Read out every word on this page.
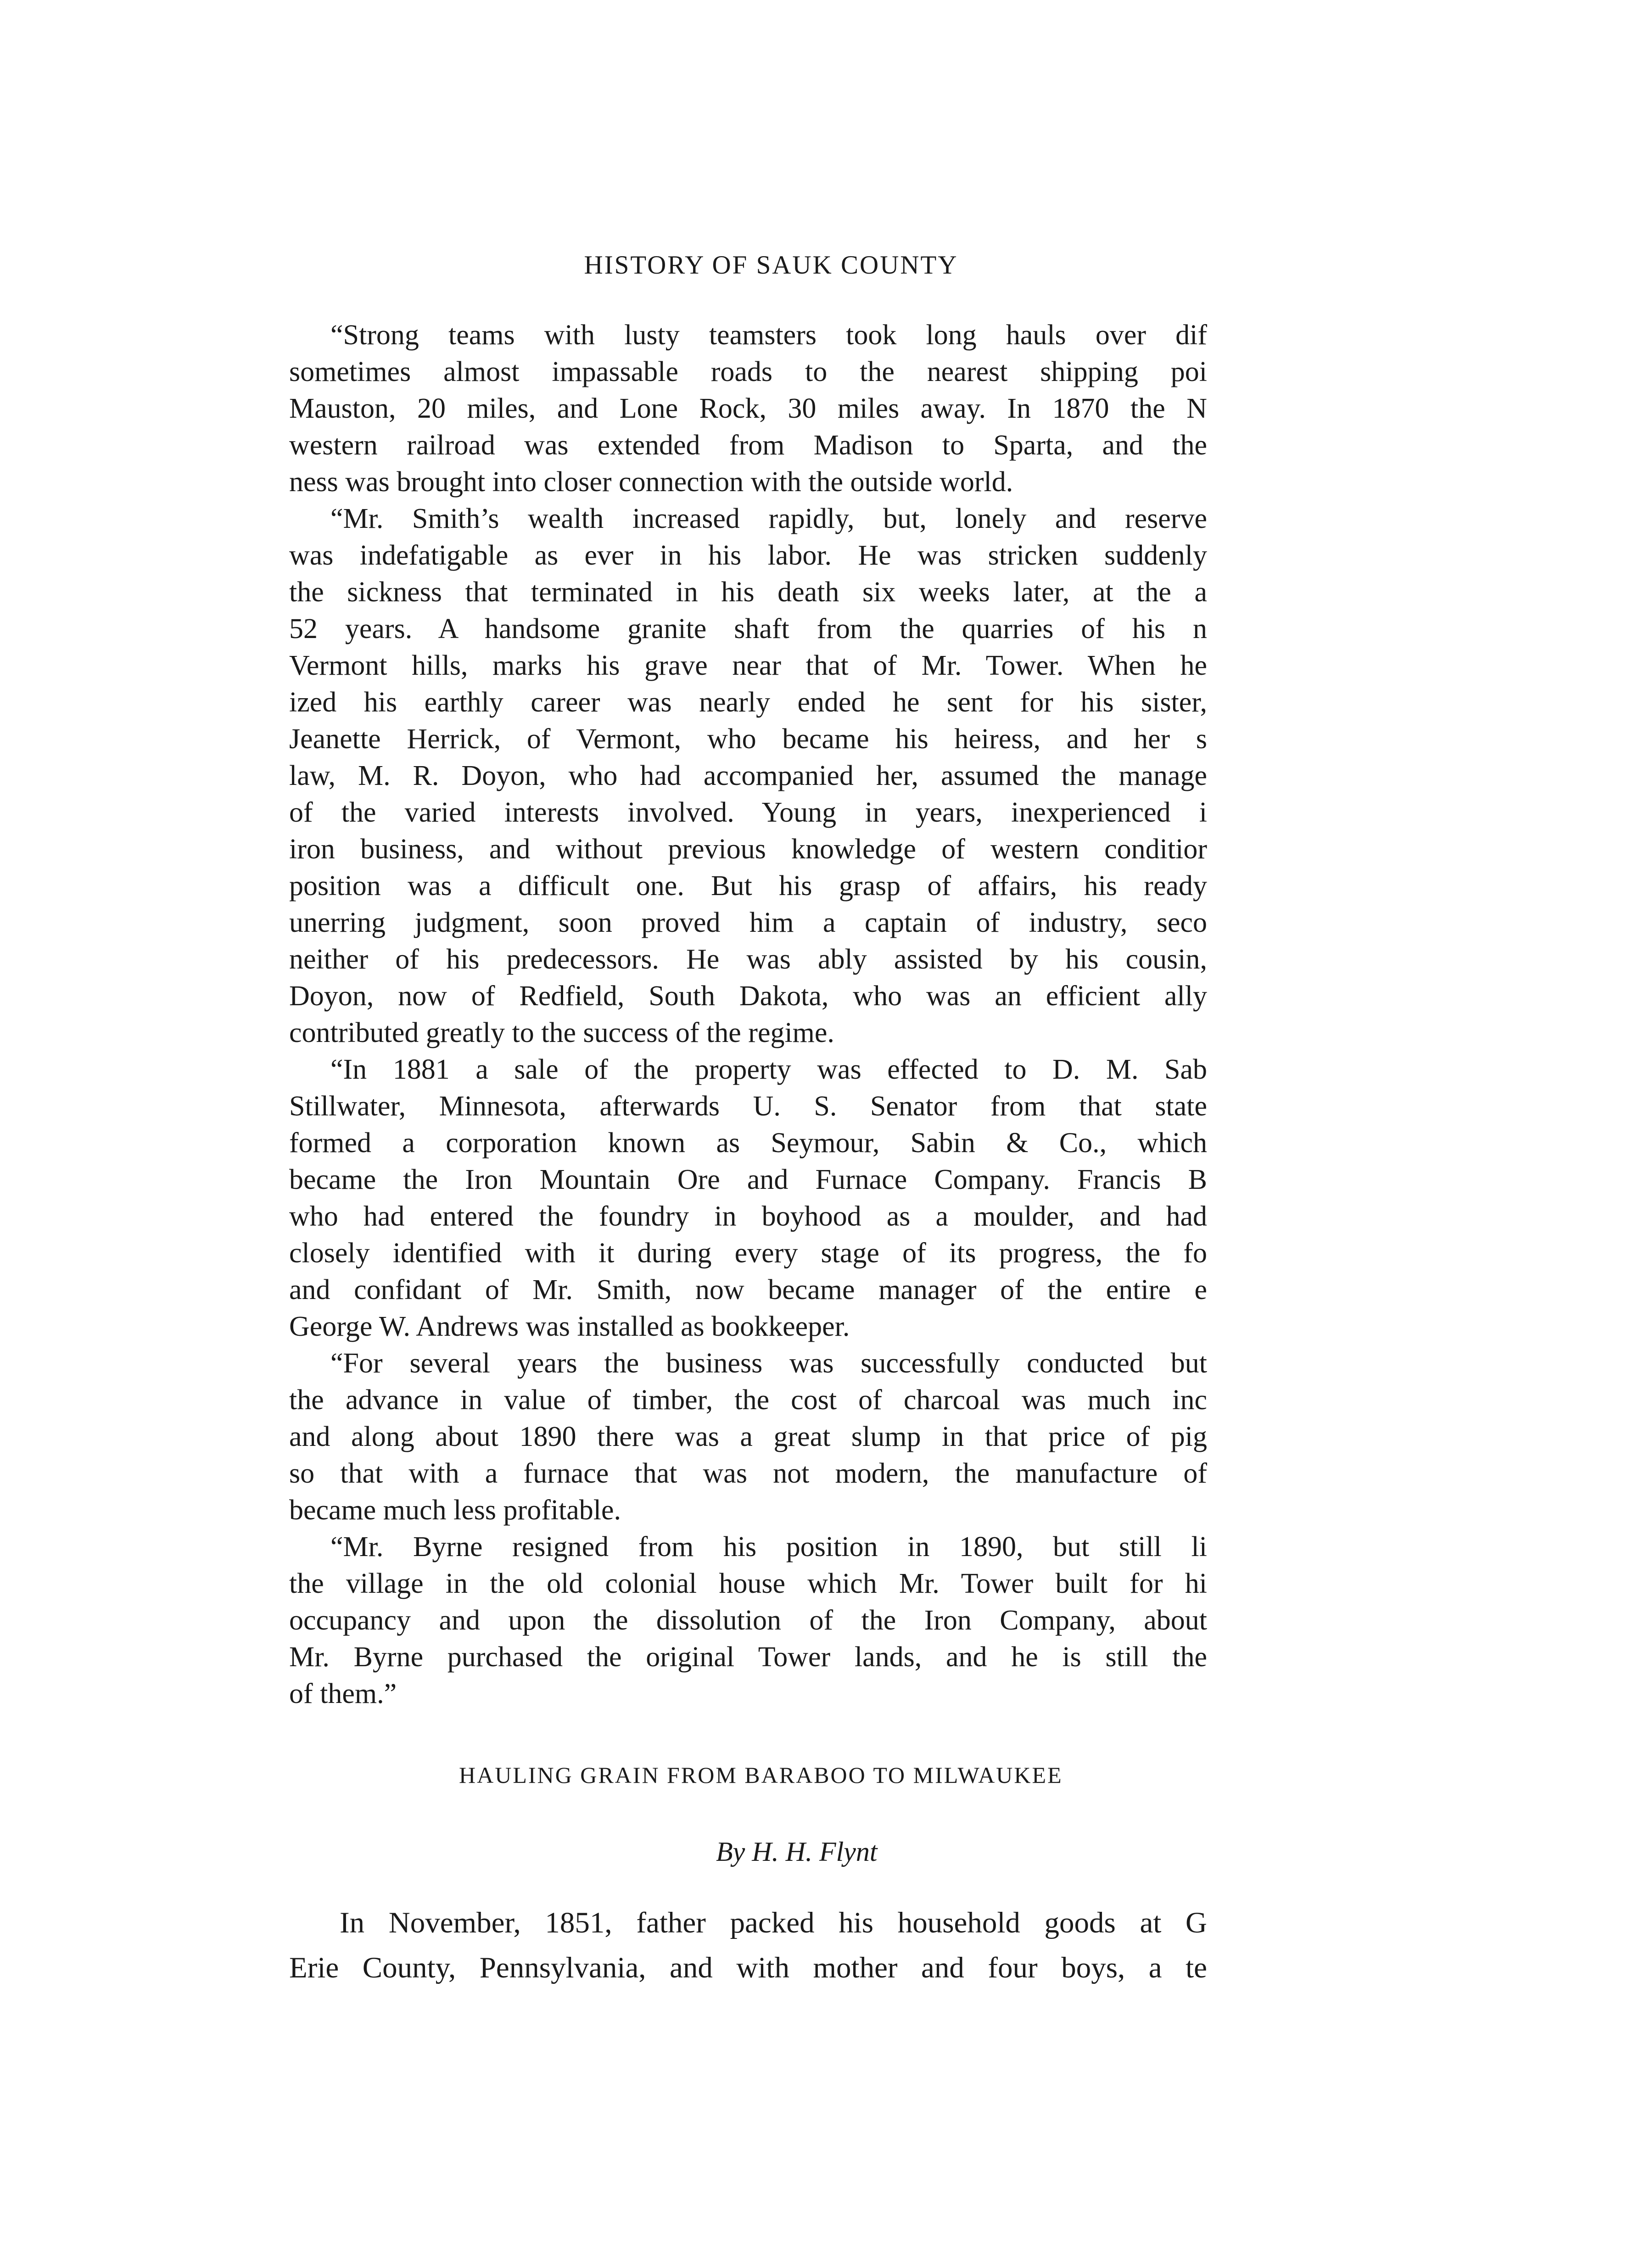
HISTORY OF SAUK COUNTY
“Strong teams with lusty teamsters took long hauls over dif
sometimes almost impassable roads to the nearest shipping poi
Mauston, 20 miles, and Lone Rock, 30 miles away. In 1870 the N
western railroad was extended from Madison to Sparta, and the
ness was brought into closer connection with the outside world.
“Mr. Smith’s wealth increased rapidly, but, lonely and reserve
was indefatigable as ever in his labor. He was stricken suddenly
the sickness that terminated in his death six weeks later, at the a
52 years. A handsome granite shaft from the quarries of his n
Vermont hills, marks his grave near that of Mr. Tower. When he
ized his earthly career was nearly ended he sent for his sister,
Jeanette Herrick, of Vermont, who became his heiress, and her s
law, M. R. Doyon, who had accompanied her, assumed the manage
of the varied interests involved. Young in years, inexperienced i
iron business, and without previous knowledge of western conditior
position was a difficult one. But his grasp of affairs, his ready
unerring judgment, soon proved him a captain of industry, seco
neither of his predecessors. He was ably assisted by his cousin,
Doyon, now of Redfield, South Dakota, who was an efficient ally
contributed greatly to the success of the regime.
“In 1881 a sale of the property was effected to D. M. Sab
Stillwater, Minnesota, afterwards U. S. Senator from that state
formed a corporation known as Seymour, Sabin & Co., which
became the Iron Mountain Ore and Furnace Company. Francis B
who had entered the foundry in boyhood as a moulder, and had
closely identified with it during every stage of its progress, the fo
and confidant of Mr. Smith, now became manager of the entire e
George W. Andrews was installed as bookkeeper.
“For several years the business was successfully conducted but
the advance in value of timber, the cost of charcoal was much inc
and along about 1890 there was a great slump in that price of pig
so that with a furnace that was not modern, the manufacture of
became much less profitable.
“Mr. Byrne resigned from his position in 1890, but still li
the village in the old colonial house which Mr. Tower built for hi
occupancy and upon the dissolution of the Iron Company, about
Mr. Byrne purchased the original Tower lands, and he is still the
of them.”
HAULING GRAIN FROM BARABOO TO MILWAUKEE
By H. H. Flynt
In November, 1851, father packed his household goods at G
Erie County, Pennsylvania, and with mother and four boys, a te
